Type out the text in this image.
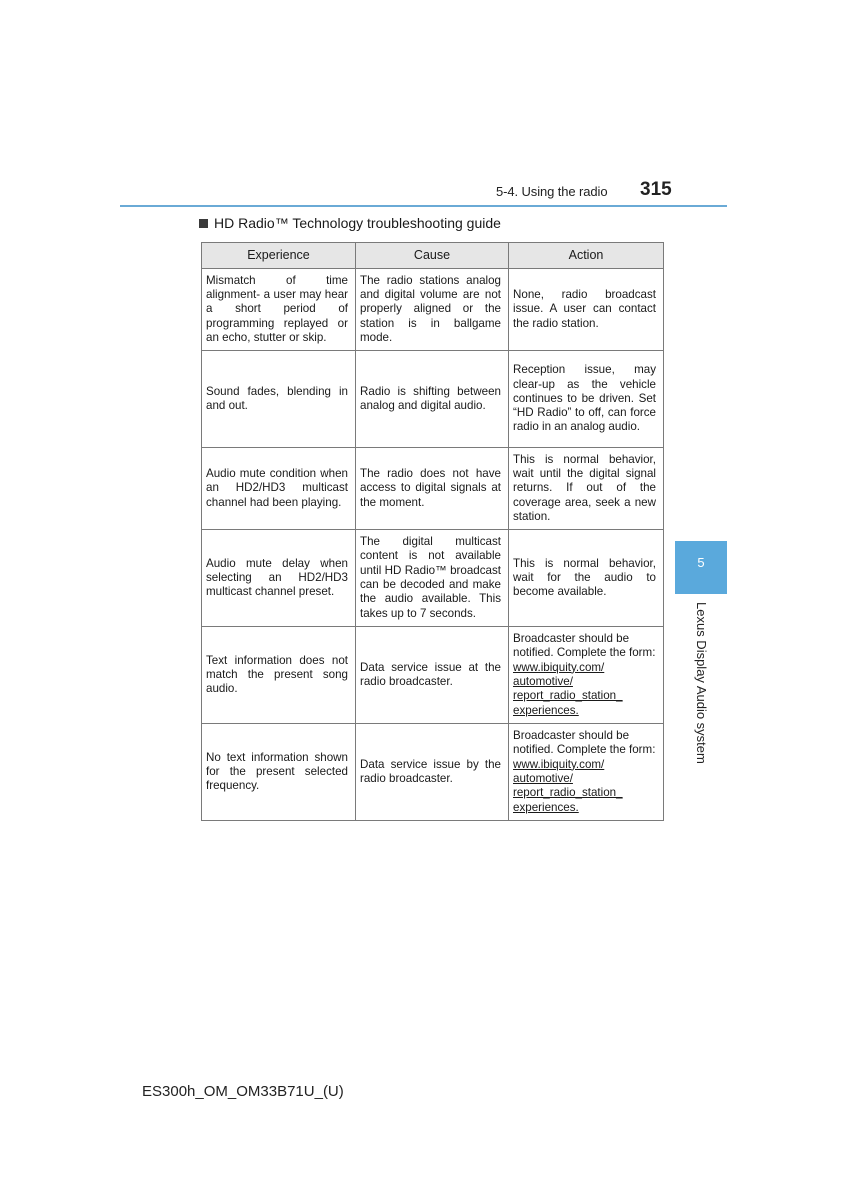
5-4. Using the radio 315
HD Radio™ Technology troubleshooting guide
Experience	Cause	Action
Mismatch of time alignment- a user may hear a short period of programming replayed or an echo, stutter or skip.	The radio stations analog and digital volume are not properly aligned or the station is in ballgame mode.	None, radio broadcast issue. A user can contact the radio station.
Sound fades, blending in and out.	Radio is shifting between analog and digital audio.	Reception issue, may clear-up as the vehicle continues to be driven. Set “HD Radio” to off, can force radio in an analog audio.
Audio mute condition when an HD2/HD3 multicast channel had been playing.	The radio does not have access to digital signals at the moment.	This is normal behavior, wait until the digital signal returns. If out of the coverage area, seek a new station.
Audio mute delay when selecting an HD2/HD3 multicast channel preset.	The digital multicast content is not available until HD Radio™ broadcast can be decoded and make the audio available. This takes up to 7 seconds.	This is normal behavior, wait for the audio to become available.
Text information does not match the present song audio.	Data service issue at the radio broadcaster.	Broadcaster should be notified. Complete the form:
www.ibiquity.com/
automotive/
report_radio_station_
experiences.

No text information shown for the present selected frequency.	Data service issue by the radio broadcaster.	Broadcaster should be notified. Complete the form:
www.ibiquity.com/
automotive/
report_radio_station_
experiences.
5
Lexus Display Audio system
ES300h_OM_OM33B71U_(U)
